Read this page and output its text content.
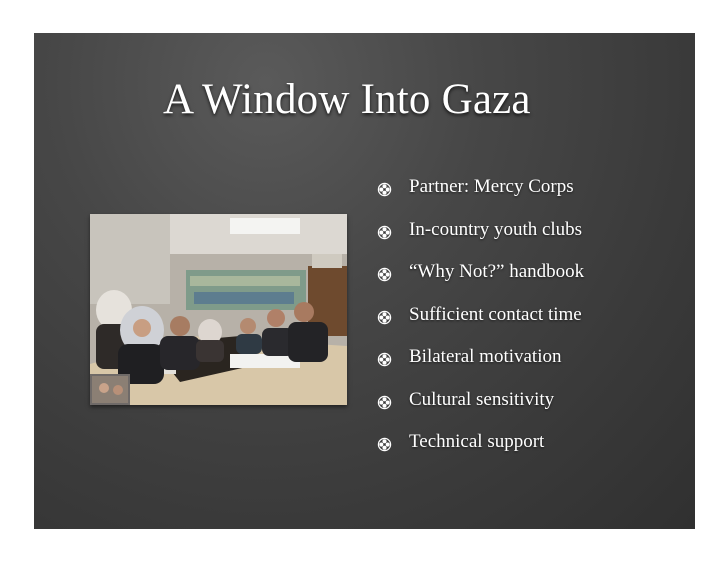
A Window Into Gaza
Partner: Mercy Corps
In-country youth clubs
“Why Not?” handbook
Sufficient contact time
Bilateral motivation
Cultural sensitivity
Technical support
